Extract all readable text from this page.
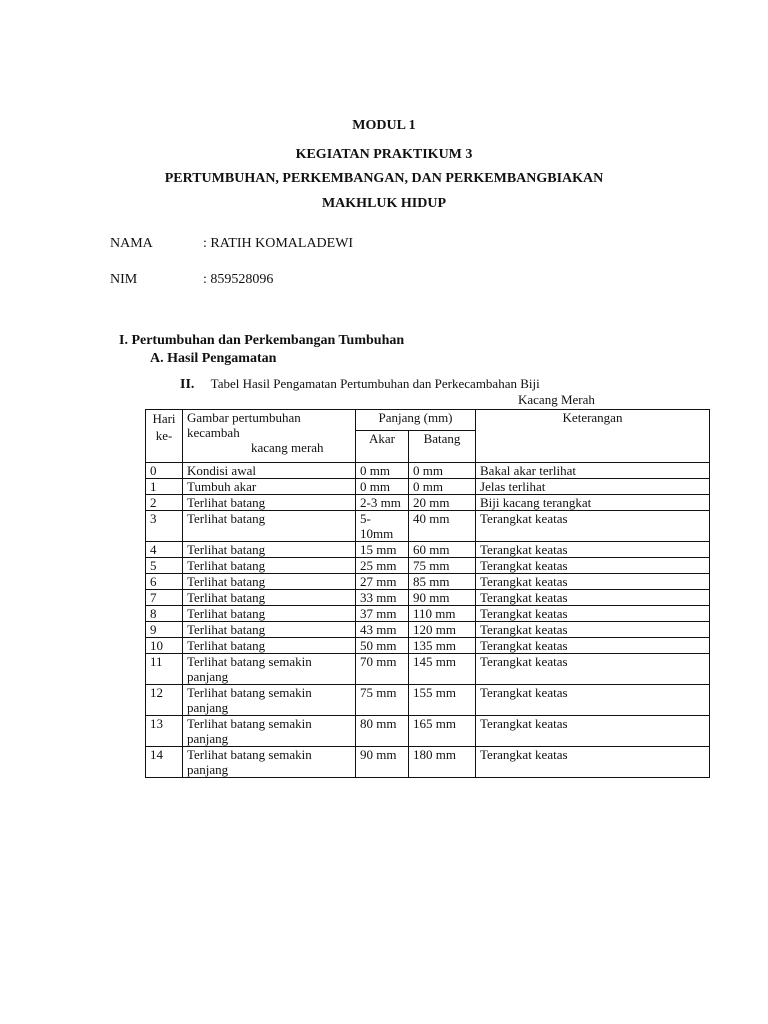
MODUL 1
KEGIATAN PRAKTIKUM 3
PERTUMBUHAN, PERKEMBANGAN, DAN PERKEMBANGBIAKAN
MAKHLUK HIDUP
NAMA	: RATIH KOMALADEWI
NIM	: 859528096
I. Pertumbuhan dan Perkembangan Tumbuhan
A. Hasil Pengamatan
II. Tabel Hasil Pengamatan Pertumbuhan dan Perkecambahan Biji
Kacang Merah
Hari
ke-	Gambar pertumbuhan
kecambah
kacang merah	Panjang (mm)		Keterangan
		Akar	Batang	
0	Kondisi awal	0 mm	0 mm	Bakal akar terlihat
1	Tumbuh akar	0 mm	0 mm	Jelas terlihat
2	Terlihat batang	2-3 mm	20 mm	Biji kacang terangkat
3	Terlihat batang	5-10mm	40 mm	Terangkat keatas
4	Terlihat batang	15 mm	60 mm	Terangkat keatas
5	Terlihat batang	25 mm	75 mm	Terangkat keatas
6	Terlihat batang	27 mm	85 mm	Terangkat keatas
7	Terlihat batang	33 mm	90 mm	Terangkat keatas
8	Terlihat batang	37 mm	110 mm	Terangkat keatas
9	Terlihat batang	43 mm	120 mm	Terangkat keatas
10	Terlihat batang	50 mm	135 mm	Terangkat keatas
11	Terlihat batang semakin panjang	70 mm	145 mm	Terangkat keatas
12	Terlihat batang semakin panjang	75 mm	155 mm	Terangkat keatas
13	Terlihat batang semakin panjang	80 mm	165 mm	Terangkat keatas
14	Terlihat batang semakin panjang	90 mm	180 mm	Terangkat keatas
